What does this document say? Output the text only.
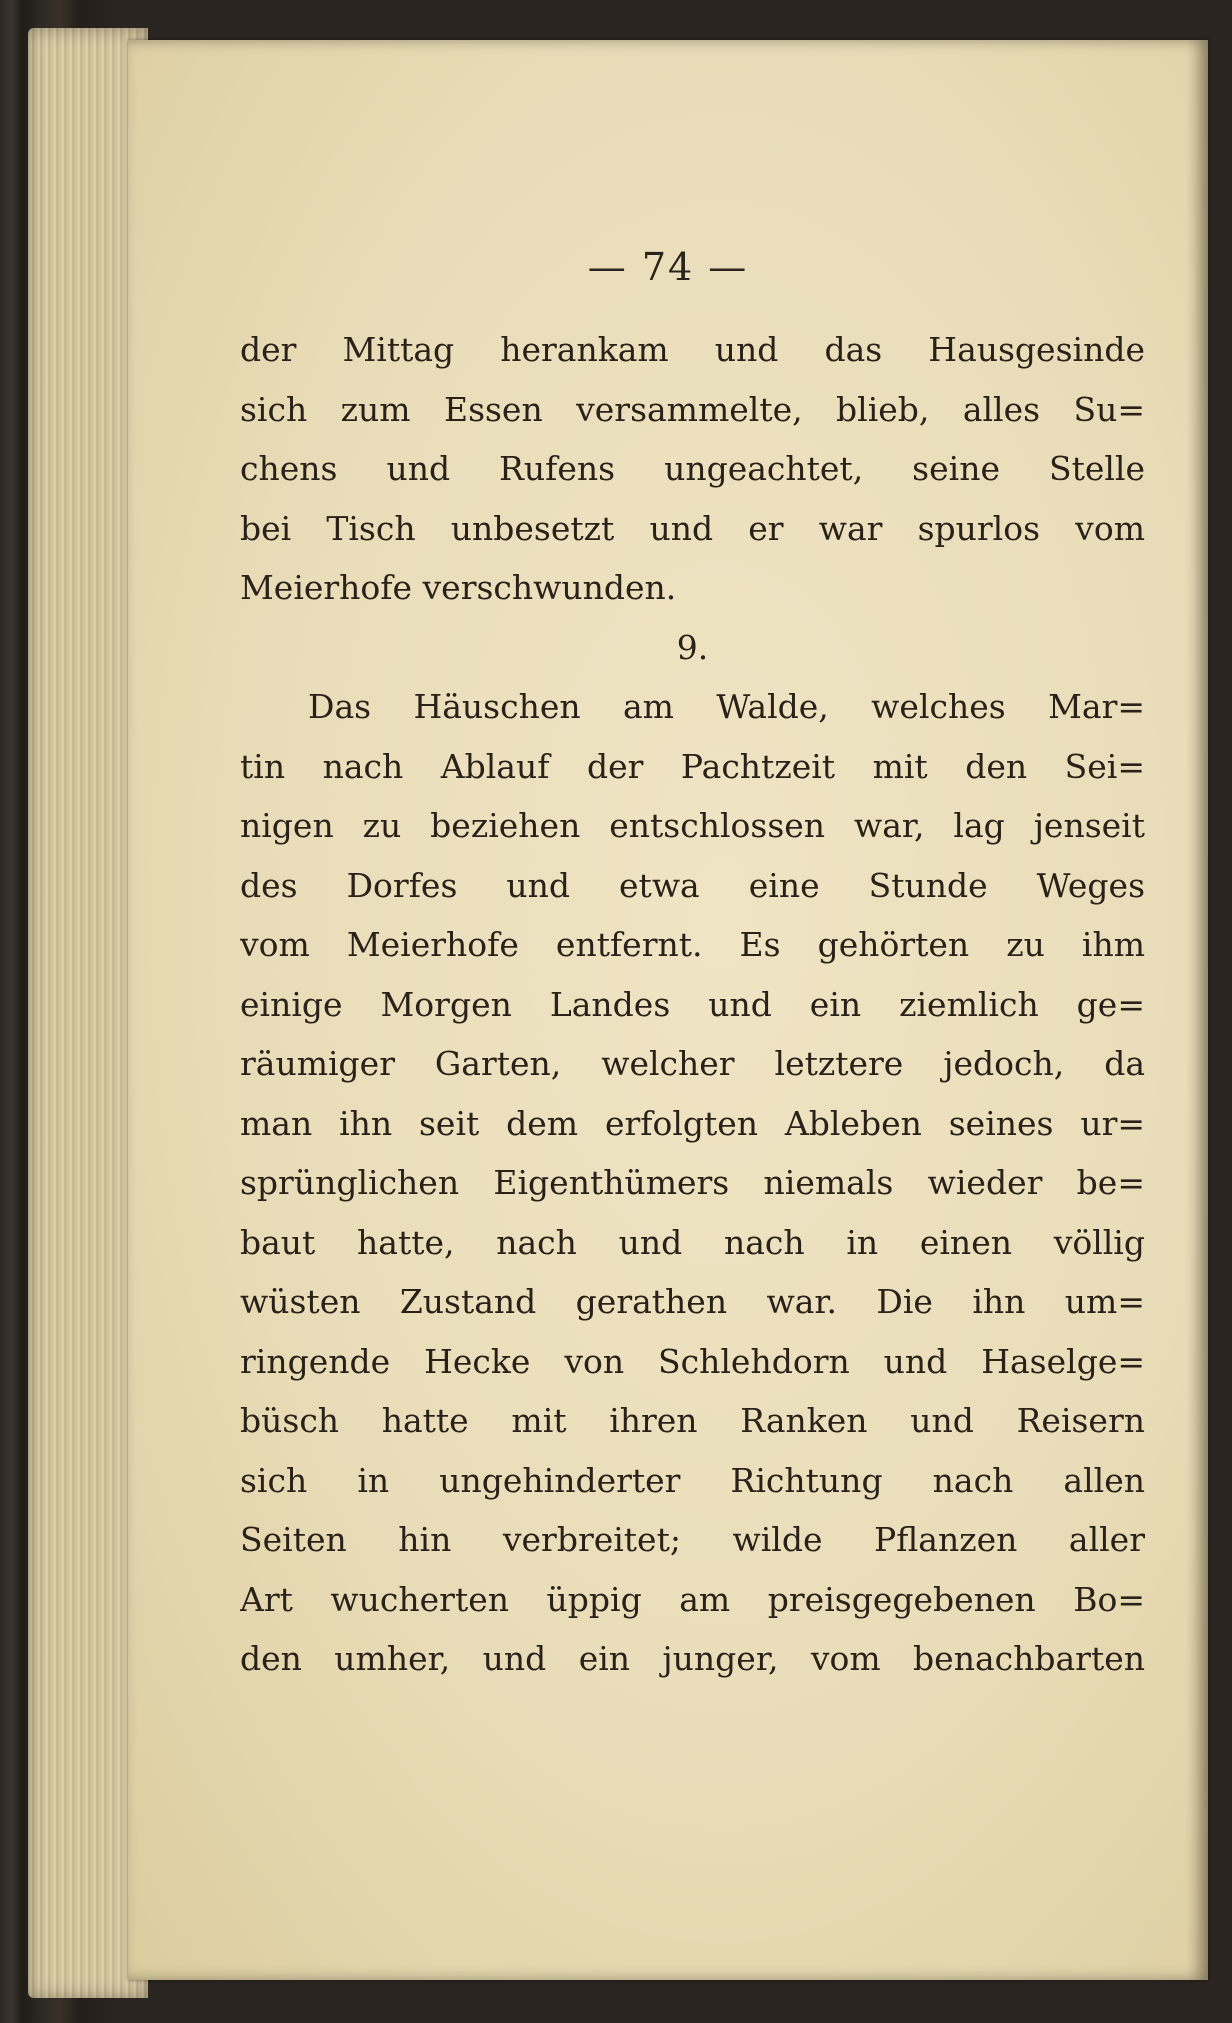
— 74 —
der Mittag herankam und das Hausgesinde
sich zum Essen versammelte, blieb, alles Su=
chens und Rufens ungeachtet, seine Stelle
bei Tisch unbesetzt und er war spurlos vom
Meierhofe verschwunden.
9.
Das Häuschen am Walde, welches Mar=
tin nach Ablauf der Pachtzeit mit den Sei=
nigen zu beziehen entschlossen war, lag jenseit
des Dorfes und etwa eine Stunde Weges
vom Meierhofe entfernt. Es gehörten zu ihm
einige Morgen Landes und ein ziemlich ge=
räumiger Garten, welcher letztere jedoch, da
man ihn seit dem erfolgten Ableben seines ur=
sprünglichen Eigenthümers niemals wieder be=
baut hatte, nach und nach in einen völlig
wüsten Zustand gerathen war. Die ihn um=
ringende Hecke von Schlehdorn und Haselge=
büsch hatte mit ihren Ranken und Reisern
sich in ungehinderter Richtung nach allen
Seiten hin verbreitet; wilde Pflanzen aller
Art wucherten üppig am preisgegebenen Bo=
den umher, und ein junger, vom benachbarten
